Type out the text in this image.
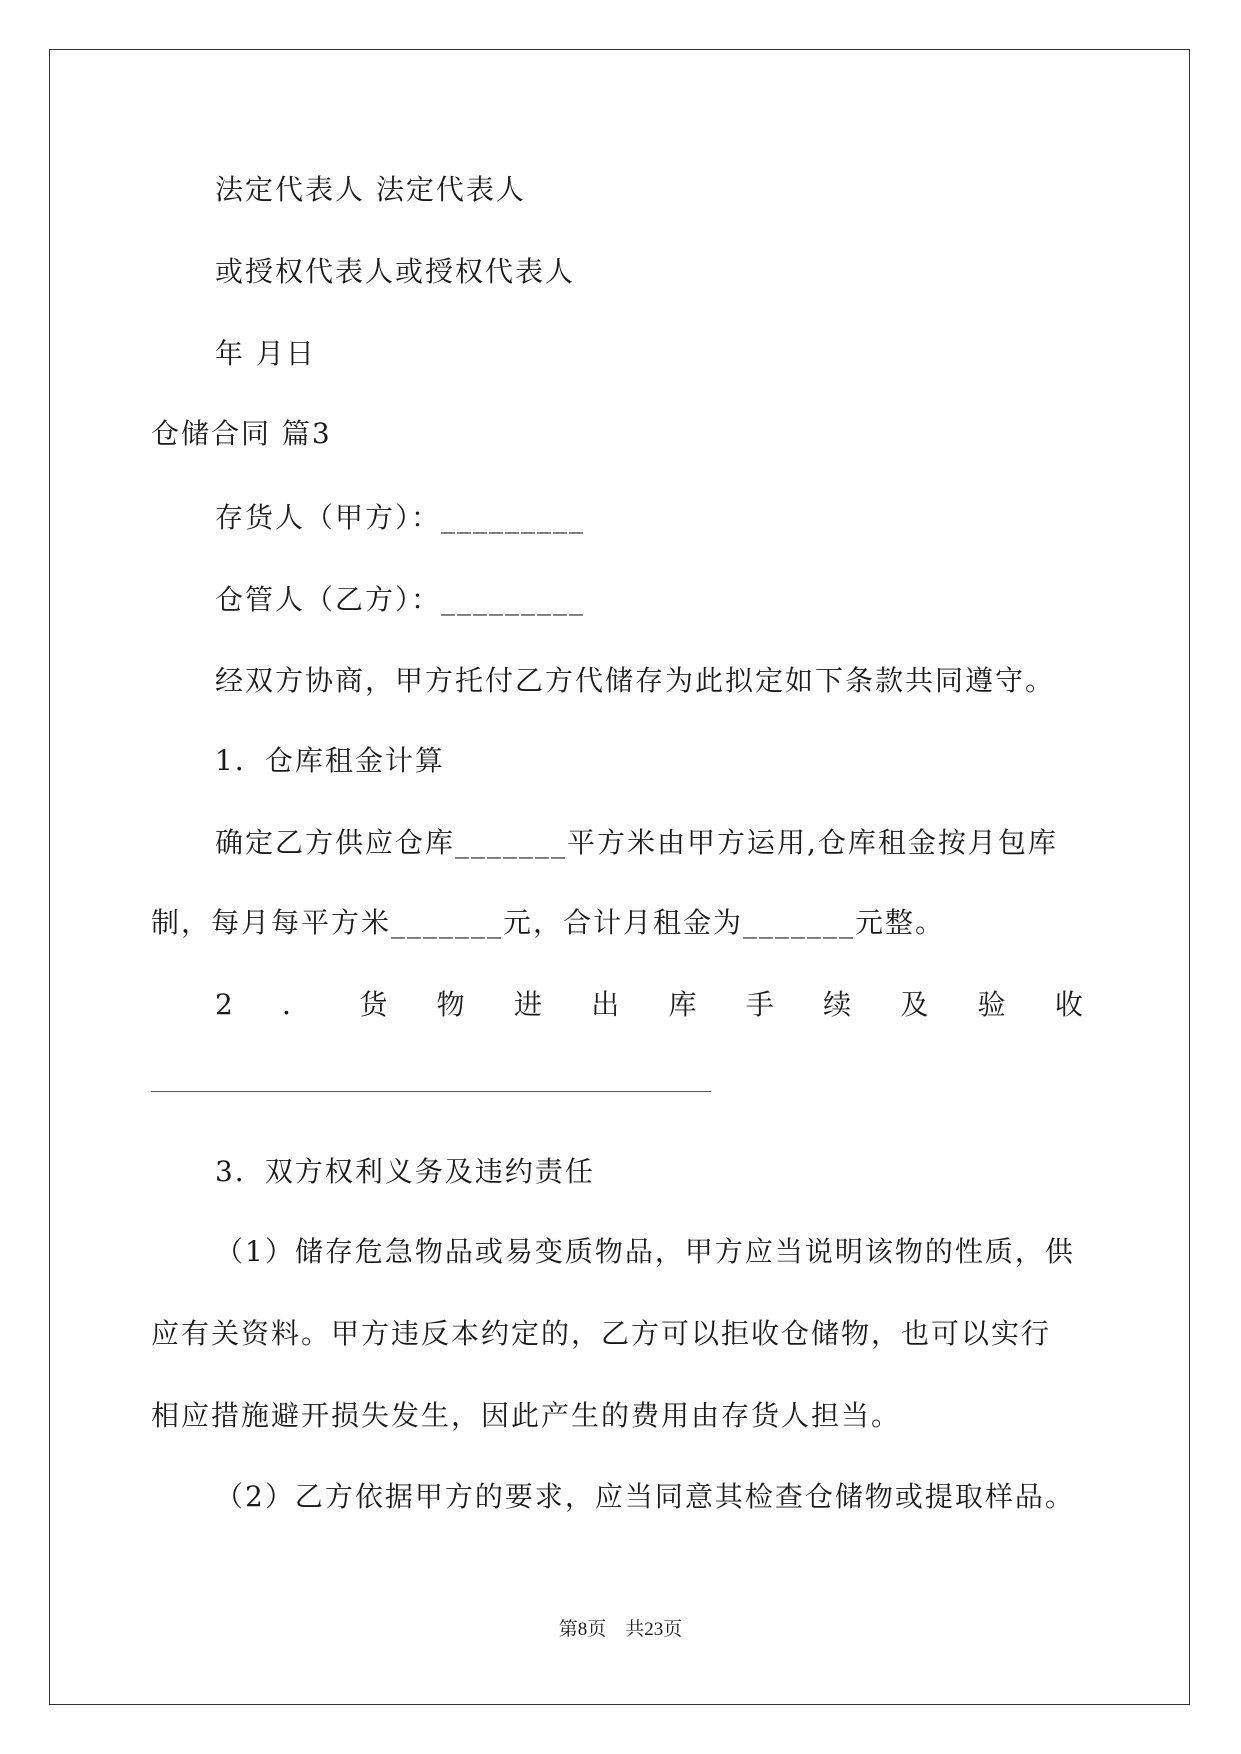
法定代表人 法定代表人
或授权代表人或授权代表人
年 月日
仓储合同 篇3
存货人（甲方）：_________
仓管人（乙方）：_________
经双方协商，甲方托付乙方代储存为此拟定如下条款共同遵守。
1．仓库租金计算
确定乙方供应仓库_______平方米由甲方运用,仓库租金按月包库
制，每月每平方米_______元，合计月租金为_______元整。
2 ． 货 物 进 出 库 手 续 及 验 收
3．双方权利义务及违约责任
（1）储存危急物品或易变质物品，甲方应当说明该物的性质，供
应有关资料。甲方违反本约定的，乙方可以拒收仓储物，也可以实行
相应措施避开损失发生，因此产生的费用由存货人担当。
（2）乙方依据甲方的要求，应当同意其检查仓储物或提取样品。
第8页　共23页
